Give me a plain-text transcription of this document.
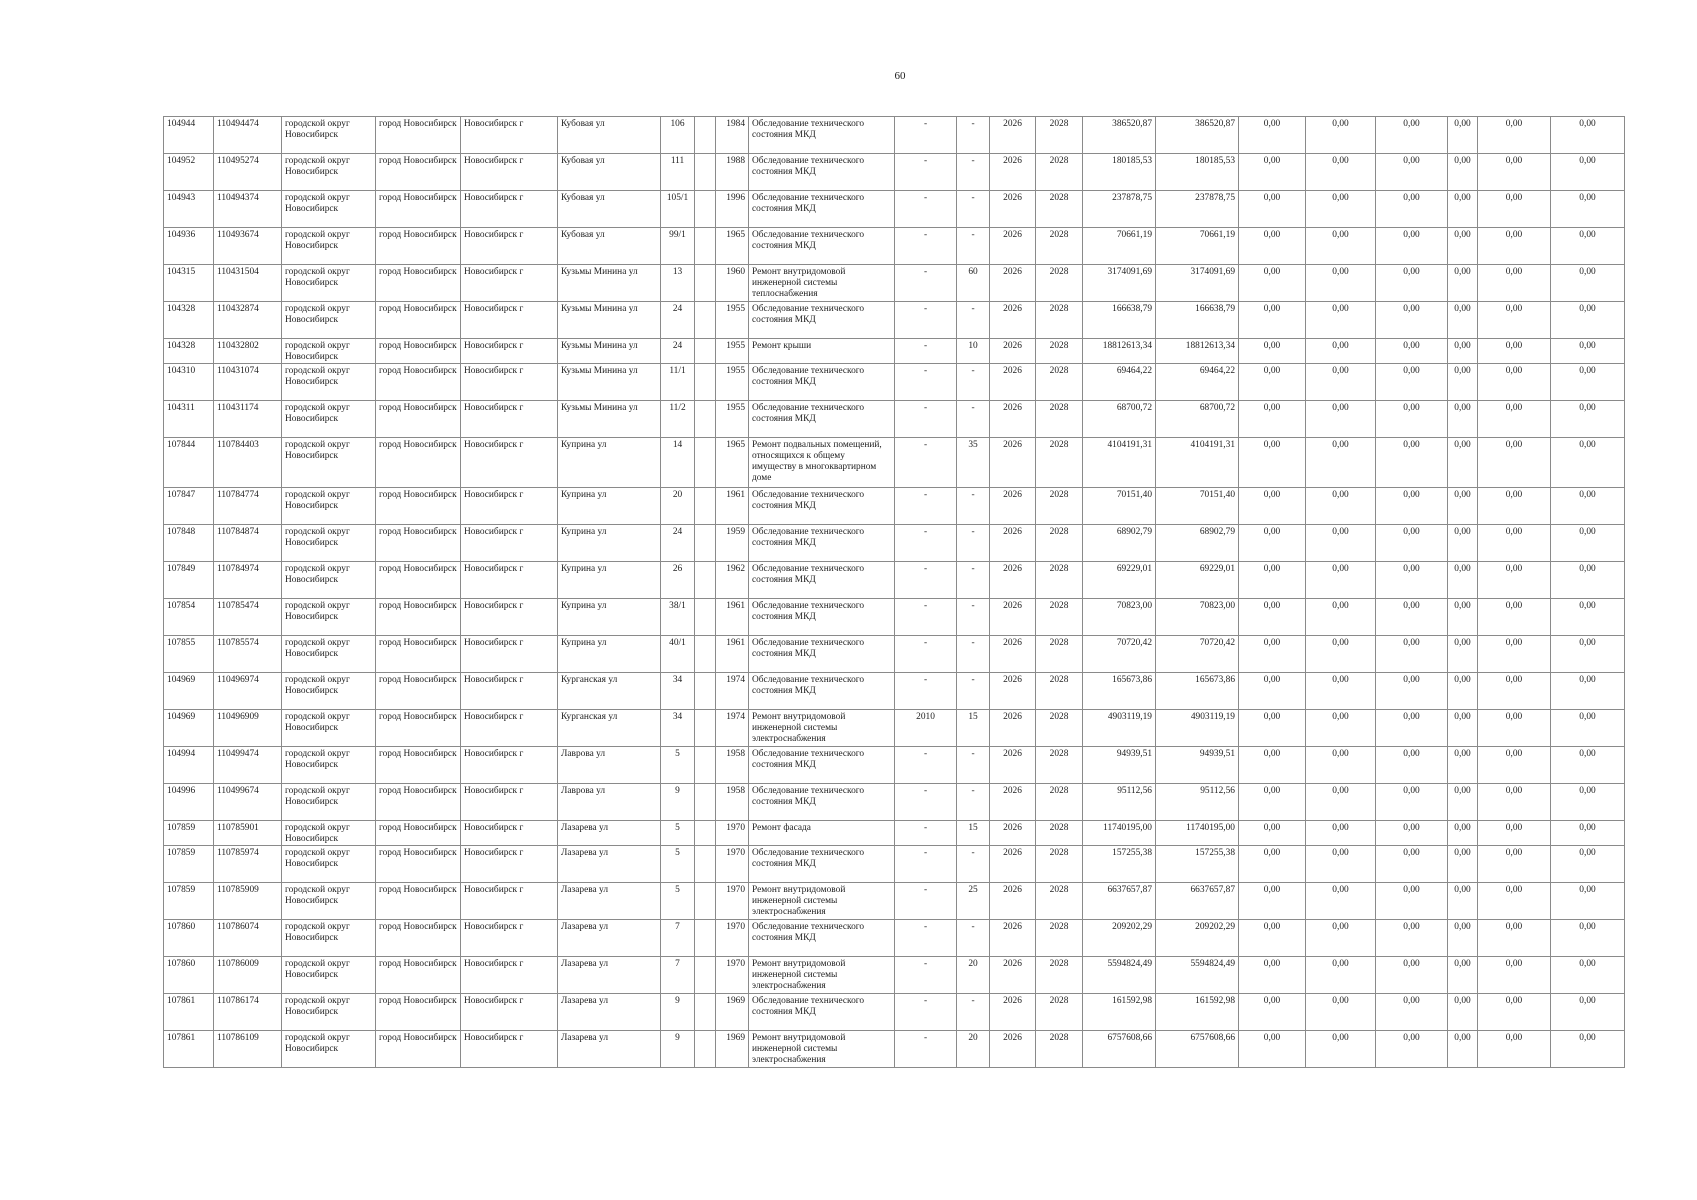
60
104944	110494474	городской округ Новосибирск	город Новосибирск	Новосибирск г	Кубовая ул	106		1984	Обследование технического состояния МКД	-	-	2026	2028	386520,87	386520,87	0,00	0,00	0,00	0,00	0,00	0,00
104952	110495274	городской округ Новосибирск	город Новосибирск	Новосибирск г	Кубовая ул	111		1988	Обследование технического состояния МКД	-	-	2026	2028	180185,53	180185,53	0,00	0,00	0,00	0,00	0,00	0,00
104943	110494374	городской округ Новосибирск	город Новосибирск	Новосибирск г	Кубовая ул	105/1		1996	Обследование технического состояния МКД	-	-	2026	2028	237878,75	237878,75	0,00	0,00	0,00	0,00	0,00	0,00
104936	110493674	городской округ Новосибирск	город Новосибирск	Новосибирск г	Кубовая ул	99/1		1965	Обследование технического состояния МКД	-	-	2026	2028	70661,19	70661,19	0,00	0,00	0,00	0,00	0,00	0,00
104315	110431504	городской округ Новосибирск	город Новосибирск	Новосибирск г	Кузьмы Минина ул	13		1960	Ремонт внутридомовой инженерной системы теплоснабжения	-	60	2026	2028	3174091,69	3174091,69	0,00	0,00	0,00	0,00	0,00	0,00
104328	110432874	городской округ Новосибирск	город Новосибирск	Новосибирск г	Кузьмы Минина ул	24		1955	Обследование технического состояния МКД	-	-	2026	2028	166638,79	166638,79	0,00	0,00	0,00	0,00	0,00	0,00
104328	110432802	городской округ Новосибирск	город Новосибирск	Новосибирск г	Кузьмы Минина ул	24		1955	Ремонт крыши	-	10	2026	2028	18812613,34	18812613,34	0,00	0,00	0,00	0,00	0,00	0,00
104310	110431074	городской округ Новосибирск	город Новосибирск	Новосибирск г	Кузьмы Минина ул	11/1		1955	Обследование технического состояния МКД	-	-	2026	2028	69464,22	69464,22	0,00	0,00	0,00	0,00	0,00	0,00
104311	110431174	городской округ Новосибирск	город Новосибирск	Новосибирск г	Кузьмы Минина ул	11/2		1955	Обследование технического состояния МКД	-	-	2026	2028	68700,72	68700,72	0,00	0,00	0,00	0,00	0,00	0,00
107844	110784403	городской округ Новосибирск	город Новосибирск	Новосибирск г	Куприна ул	14		1965	Ремонт подвальных помещений, относящихся к общему имуществу в многоквартирном доме	-	35	2026	2028	4104191,31	4104191,31	0,00	0,00	0,00	0,00	0,00	0,00
107847	110784774	городской округ Новосибирск	город Новосибирск	Новосибирск г	Куприна ул	20		1961	Обследование технического состояния МКД	-	-	2026	2028	70151,40	70151,40	0,00	0,00	0,00	0,00	0,00	0,00
107848	110784874	городской округ Новосибирск	город Новосибирск	Новосибирск г	Куприна ул	24		1959	Обследование технического состояния МКД	-	-	2026	2028	68902,79	68902,79	0,00	0,00	0,00	0,00	0,00	0,00
107849	110784974	городской округ Новосибирск	город Новосибирск	Новосибирск г	Куприна ул	26		1962	Обследование технического состояния МКД	-	-	2026	2028	69229,01	69229,01	0,00	0,00	0,00	0,00	0,00	0,00
107854	110785474	городской округ Новосибирск	город Новосибирск	Новосибирск г	Куприна ул	38/1		1961	Обследование технического состояния МКД	-	-	2026	2028	70823,00	70823,00	0,00	0,00	0,00	0,00	0,00	0,00
107855	110785574	городской округ Новосибирск	город Новосибирск	Новосибирск г	Куприна ул	40/1		1961	Обследование технического состояния МКД	-	-	2026	2028	70720,42	70720,42	0,00	0,00	0,00	0,00	0,00	0,00
104969	110496974	городской округ Новосибирск	город Новосибирск	Новосибирск г	Курганская ул	34		1974	Обследование технического состояния МКД	-	-	2026	2028	165673,86	165673,86	0,00	0,00	0,00	0,00	0,00	0,00
104969	110496909	городской округ Новосибирск	город Новосибирск	Новосибирск г	Курганская ул	34		1974	Ремонт внутридомовой инженерной системы электроснабжения	2010	15	2026	2028	4903119,19	4903119,19	0,00	0,00	0,00	0,00	0,00	0,00
104994	110499474	городской округ Новосибирск	город Новосибирск	Новосибирск г	Лаврова ул	5		1958	Обследование технического состояния МКД	-	-	2026	2028	94939,51	94939,51	0,00	0,00	0,00	0,00	0,00	0,00
104996	110499674	городской округ Новосибирск	город Новосибирск	Новосибирск г	Лаврова ул	9		1958	Обследование технического состояния МКД	-	-	2026	2028	95112,56	95112,56	0,00	0,00	0,00	0,00	0,00	0,00
107859	110785901	городской округ Новосибирск	город Новосибирск	Новосибирск г	Лазарева ул	5		1970	Ремонт фасада	-	15	2026	2028	11740195,00	11740195,00	0,00	0,00	0,00	0,00	0,00	0,00
107859	110785974	городской округ Новосибирск	город Новосибирск	Новосибирск г	Лазарева ул	5		1970	Обследование технического состояния МКД	-	-	2026	2028	157255,38	157255,38	0,00	0,00	0,00	0,00	0,00	0,00
107859	110785909	городской округ Новосибирск	город Новосибирск	Новосибирск г	Лазарева ул	5		1970	Ремонт внутридомовой инженерной системы электроснабжения	-	25	2026	2028	6637657,87	6637657,87	0,00	0,00	0,00	0,00	0,00	0,00
107860	110786074	городской округ Новосибирск	город Новосибирск	Новосибирск г	Лазарева ул	7		1970	Обследование технического состояния МКД	-	-	2026	2028	209202,29	209202,29	0,00	0,00	0,00	0,00	0,00	0,00
107860	110786009	городской округ Новосибирск	город Новосибирск	Новосибирск г	Лазарева ул	7		1970	Ремонт внутридомовой инженерной системы электроснабжения	-	20	2026	2028	5594824,49	5594824,49	0,00	0,00	0,00	0,00	0,00	0,00
107861	110786174	городской округ Новосибирск	город Новосибирск	Новосибирск г	Лазарева ул	9		1969	Обследование технического состояния МКД	-	-	2026	2028	161592,98	161592,98	0,00	0,00	0,00	0,00	0,00	0,00
107861	110786109	городской округ Новосибирск	город Новосибирск	Новосибирск г	Лазарева ул	9		1969	Ремонт внутридомовой инженерной системы электроснабжения	-	20	2026	2028	6757608,66	6757608,66	0,00	0,00	0,00	0,00	0,00	0,00
